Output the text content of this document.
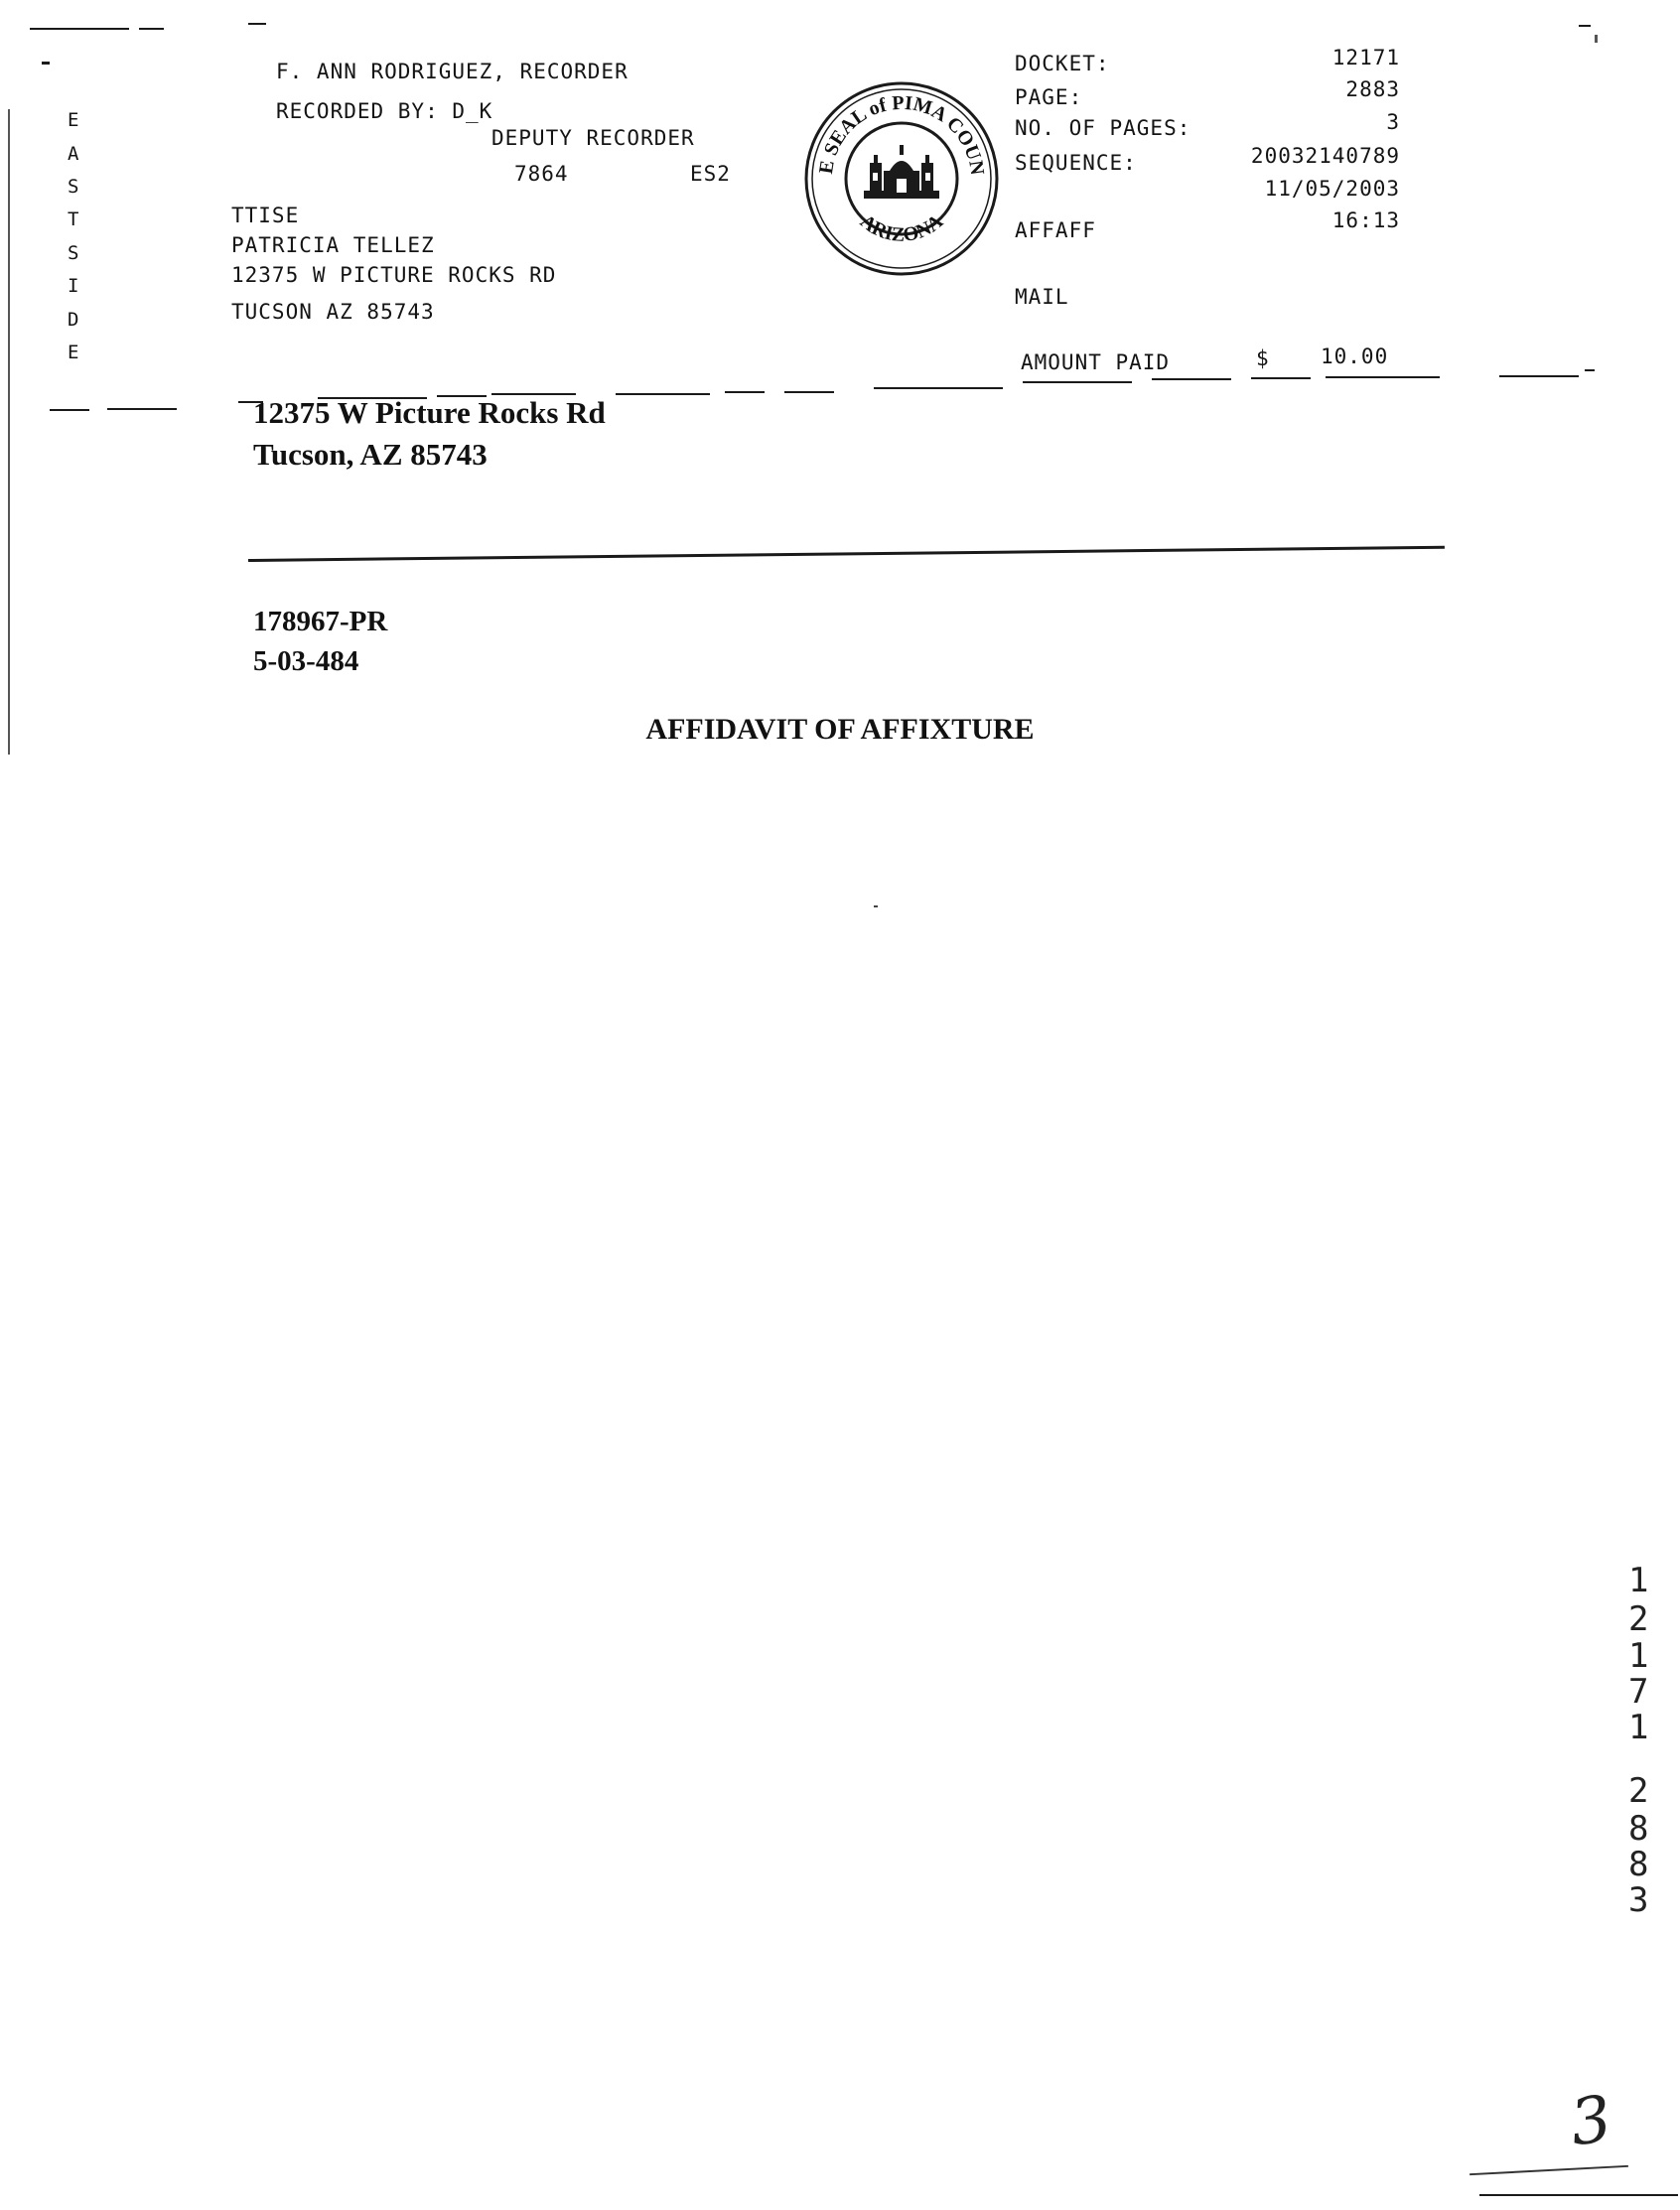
E
A
S
T
S
I
D
E
F. ANN RODRIGUEZ, RECORDER
RECORDED BY: D_K
DEPUTY RECORDER
7864	ES2
TTISE
PATRICIA TELLEZ
12375 W PICTURE ROCKS RD
TUCSON AZ 85743
E SEAL of PIMA COUN
ARIZONA
DOCKET:	12171
PAGE:	2883
NO. OF PAGES:	3
SEQUENCE:	20032140789
11/05/2003
AFFAFF	16:13
MAIL
AMOUNT PAID	$ 10.00
12375 W Picture Rocks Rd
Tucson, AZ 85743
178967-PR
5-03-484
AFFIDAVIT OF AFFIXTURE
1
2
1
7
1
2
8
8
3
3
